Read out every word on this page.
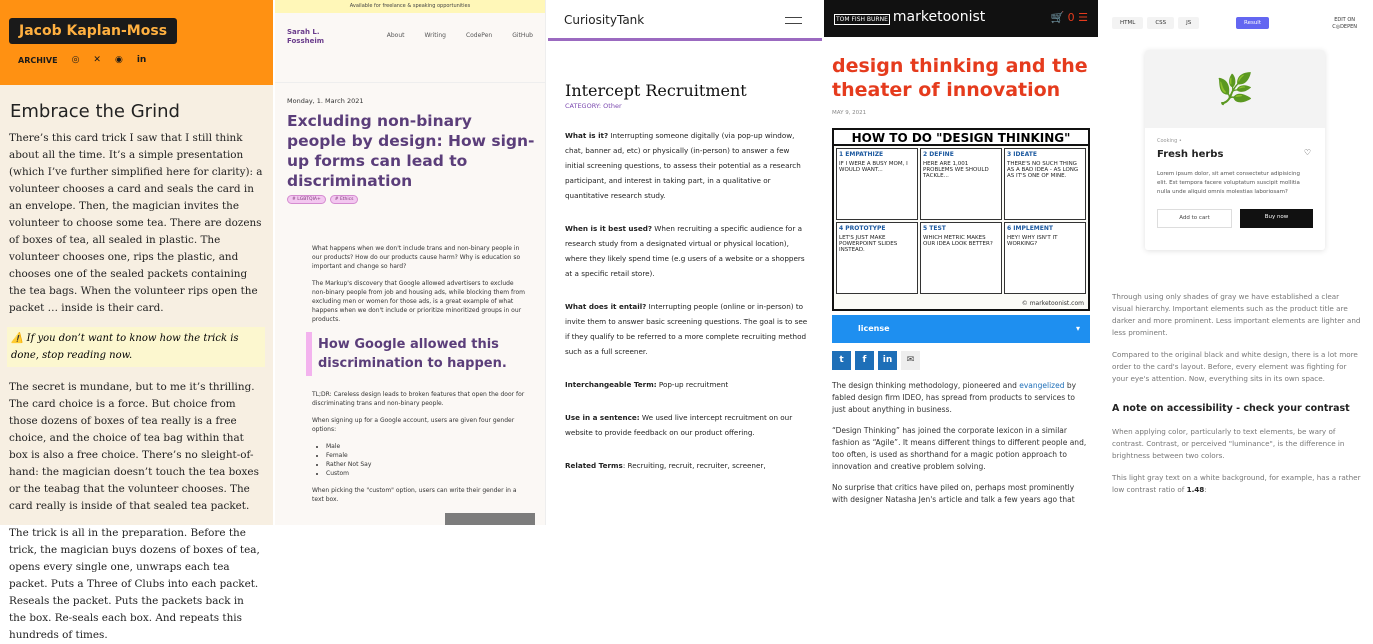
Jacob Kaplan-Moss
ARCHIVE ◎ ✕ ◉ in
Embrace the Grind

There’s this card trick I saw that I still think about all the time. It’s a simple presentation (which I’ve further simplified here for clarity): a volunteer chooses a card and seals the card in an envelope. Then, the magician invites the volunteer to choose some tea. There are dozens of boxes of tea, all sealed in plastic. The volunteer chooses one, rips the plastic, and chooses one of the sealed packets containing the tea bags. When the volunteer rips open the packet … inside is their card.

⚠️ If you don’t want to know how the trick is done, stop reading now.

The secret is mundane, but to me it’s thrilling. The card choice is a force. But choice from those dozens of boxes of tea really is a free choice, and the choice of tea bag within that box is also a free choice. There’s no sleight-of-hand: the magician doesn’t touch the tea boxes or the teabag that the volunteer chooses. The card really is inside of that sealed tea packet.

The trick is all in the preparation. Before the trick, the magician buys dozens of boxes of tea, opens every single one, unwraps each tea packet. Puts a Three of Clubs into each packet. Reseals the packet. Puts the packets back in the box. Re-seals each box. And repeats this hundreds of times.

Available for freelance & speaking opportunities
Sarah L.
Fossheim
About	Writing	CodePen	GitHub
Monday, 1. March 2021
Excluding non-binary people by design: How sign-up forms can lead to discrimination
# LGBTQIA+	# Ethics

What happens when we don't include trans and non-binary people in our products? How do our products cause harm? Why is education so important and change so hard?

The Markup's discovery that Google allowed advertisers to exclude non-binary people from job and housing ads, while blocking them from excluding men or women for those ads, is a great example of what happens when we don't include or prioritize minoritized groups in our products.

How Google allowed this discrimination to happen.

TL;DR: Careless design leads to broken features that open the door for discriminating trans and non-binary people.

When signing up for a Google account, users are given four gender options:

• Male
• Female
• Rather Not Say
• Custom

When picking the "custom" option, users can write their gender in a text box.

CuriosityTank
Intercept Recruitment
CATEGORY: Other
What is it? Interrupting someone digitally (via pop-up window, chat, banner ad, etc) or physically (in-person) to answer a few initial screening questions, to assess their potential as a research participant, and interest in taking part, in a qualitative or quantitative research study.
When is it best used? When recruiting a specific audience for a research study from a designated virtual or physical location), where they likely spend time (e.g users of a website or a shoppers at a specific retail store).
What does it entail? Interrupting people (online or in-person) to invite them to answer basic screening questions. The goal is to see if they qualify to be referred to a more complete recruiting method such as a full screener.
Interchangeable Term: Pop-up recruitment
Use in a sentence: We used live intercept recruitment on our website to provide feedback on our product offering.
Related Terms: Recruiting, recruit, recruiter, screener,
TOM FISH BURNE marketoonist	🛒 0 ☰
design thinking and the theater of innovation
MAY 9, 2021
HOW TO DO "DESIGN THINKING"
1 EMPATHIZE
IF I WERE A BUSY MOM, I WOULD WANT...
2 DEFINE
HERE ARE 1,001 PROBLEMS WE SHOULD TACKLE...
3 IDEATE
THERE'S NO SUCH THING AS A BAD IDEA - AS LONG AS IT'S ONE OF MINE.
4 PROTOTYPE
LET'S JUST MAKE POWERPOINT SLIDES INSTEAD.
5 TEST
WHICH METRIC MAKES OUR IDEA LOOK BETTER?
6 IMPLEMENT
HEY! WHY ISN'T IT WORKING?
© marketoonist.com
▾
license
t	f	in	✉

The design thinking methodology, pioneered and evangelized by fabled design firm IDEO, has spread from products to services to just about anything in business.

“Design Thinking” has joined the corporate lexicon in a similar fashion as “Agile”. It means different things to different people and, too often, is used as shorthand for a magic potion approach to innovation and creative problem solving.

No surprise that critics have piled on, perhaps most prominently with designer Natasha Jen's article and talk a few years ago that

HTML	CSS	JS	Result	EDIT ON
C◎DEPEN
🌿
Cooking •
Fresh herbs	♡
Lorem ipsum dolor, sit amet consectetur adipisicing elit. Est tempora facere voluptatum suscipit mollitia nulla unde aliquid omnis molestias laboriosam?
Add to cart	Buy now

Through using only shades of gray we have established a clear visual hierarchy. Important elements such as the product title are darker and more prominent. Less important elements are lighter and less prominent.

Compared to the original black and white design, there is a lot more order to the card's layout. Before, every element was fighting for your eye's attention. Now, everything sits in its own space.

A note on accessibility - check your contrast

When applying color, particularly to text elements, be wary of contrast. Contrast, or perceived "luminance", is the difference in brightness between two colors.

This light gray text on a white background, for example, has a rather low contrast ratio of 1.48:
